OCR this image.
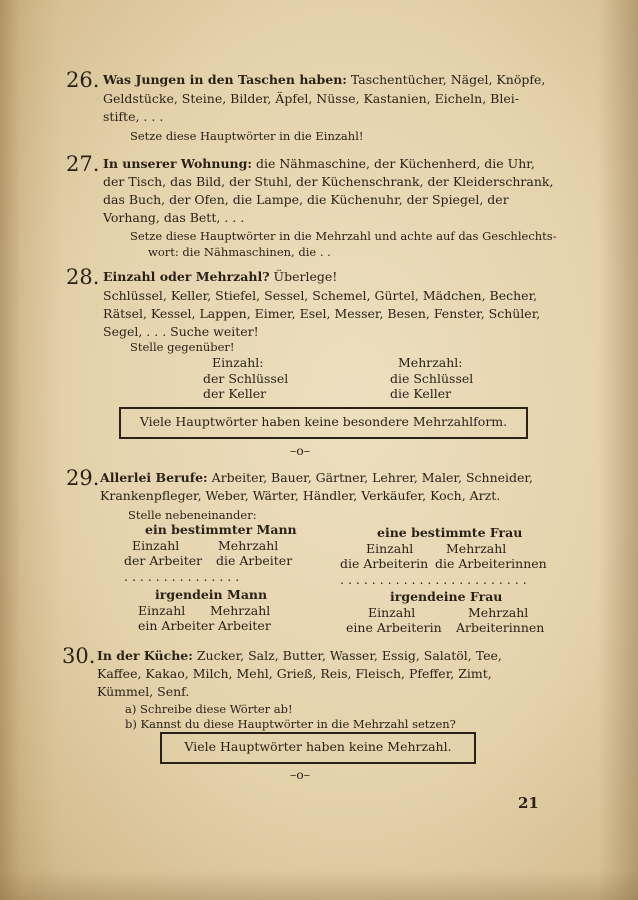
26. Was Jungen in den Taschen haben: Taschentücher, Nägel, Knöpfe,
Geldstücke, Steine, Bilder, Äpfel, Nüsse, Kastanien, Eicheln, Blei-
stifte, . . .
Setze diese Hauptwörter in die Einzahl!
27. In unserer Wohnung: die Nähmaschine, der Küchenherd, die Uhr,
der Tisch, das Bild, der Stuhl, der Küchenschrank, der Kleiderschrank,
das Buch, der Ofen, die Lampe, die Küchenuhr, der Spiegel, der
Vorhang, das Bett, . . .
Setze diese Hauptwörter in die Mehrzahl und achte auf das Geschlechts-
wort: die Nähmaschinen, die . .
28. Einzahl oder Mehrzahl? Überlege!
Schlüssel, Keller, Stiefel, Sessel, Schemel, Gürtel, Mädchen, Becher,
Rätsel, Kessel, Lappen, Eimer, Esel, Messer, Besen, Fenster, Schüler,
Segel, . . . Suche weiter!
Stelle gegenüber!
Einzahl:	Mehrzahl:
der Schlüssel	die Schlüssel
der Keller	die Keller
Viele Hauptwörter haben keine besondere Mehrzahlform.
–o–
29. Allerlei Berufe: Arbeiter, Bauer, Gärtner, Lehrer, Maler, Schneider,
Krankenpfleger, Weber, Wärter, Händler, Verkäufer, Koch, Arzt.
Stelle nebeneinander:
ein bestimmter Mann	eine bestimmte Frau
Einzahl	Mehrzahl	Einzahl	Mehrzahl
der Arbeiter die Arbeiter	die Arbeiterin die Arbeiterinnen
. . . . . . . . . . . . . . .	. . . . . . . . . . . . . . . . . . . . . . . .
irgendein Mann	irgendeine Frau
Einzahl Mehrzahl	Einzahl	Mehrzahl
ein Arbeiter Arbeiter	eine Arbeiterin Arbeiterinnen
30. In der Küche: Zucker, Salz, Butter, Wasser, Essig, Salatöl, Tee,
Kaffee, Kakao, Milch, Mehl, Grieß, Reis, Fleisch, Pfeffer, Zimt,
Kümmel, Senf.
a) Schreibe diese Wörter ab!
b) Kannst du diese Hauptwörter in die Mehrzahl setzen?
Viele Hauptwörter haben keine Mehrzahl.
–o–
21
